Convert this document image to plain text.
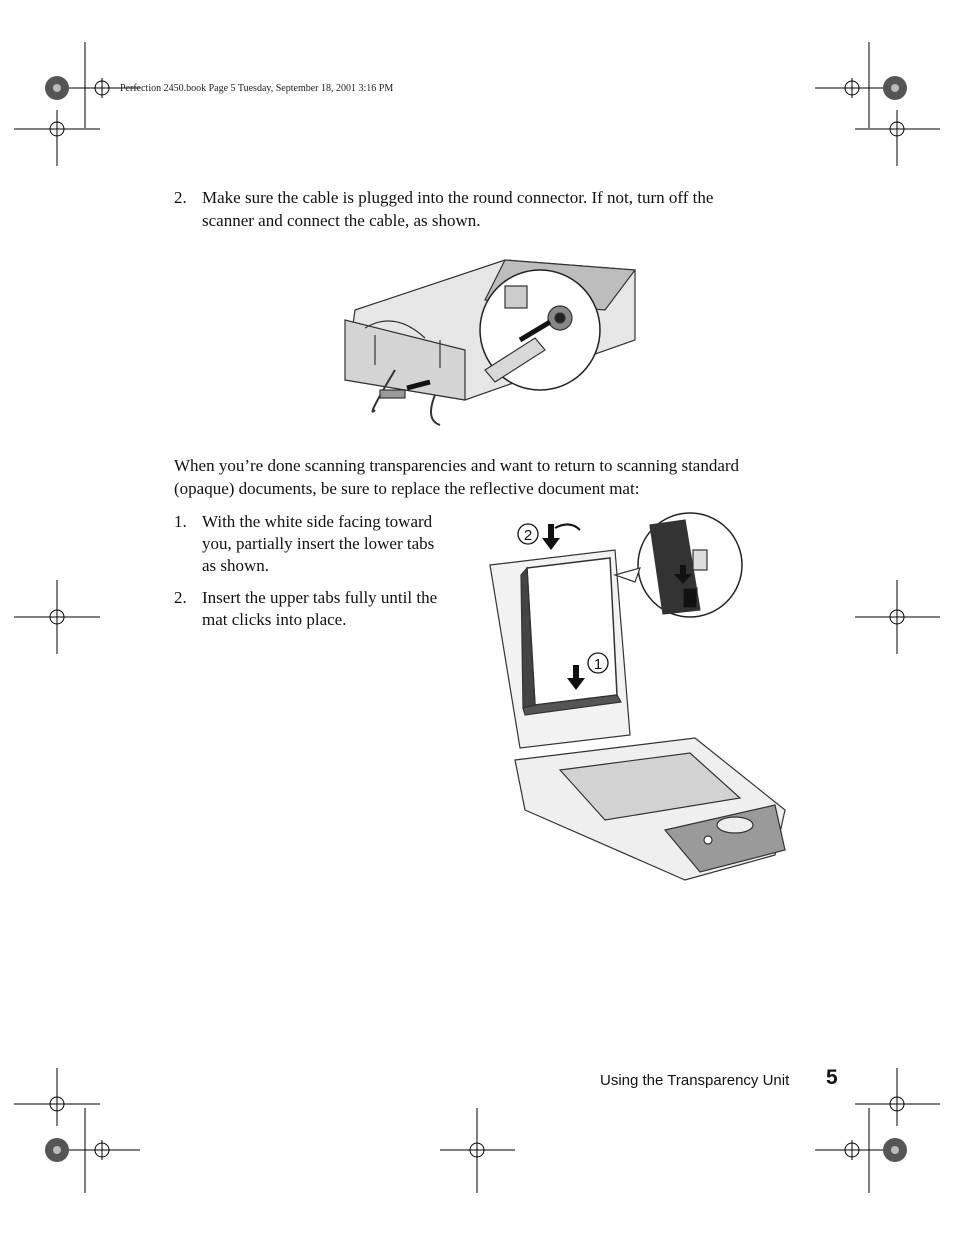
Perfection 2450.book Page 5 Tuesday, September 18, 2001 3:16 PM
2. Make sure the cable is plugged into the round connector. If not, turn off the
scanner and connect the cable, as shown.
When you’re done scanning transparencies and want to return to scanning standard
(opaque) documents, be sure to replace the reflective document mat:
1. With the white side facing toward
you, partially insert the lower tabs
as shown.
2. Insert the upper tabs fully until the
mat clicks into place.
1
2
Using the Transparency Unit 5
